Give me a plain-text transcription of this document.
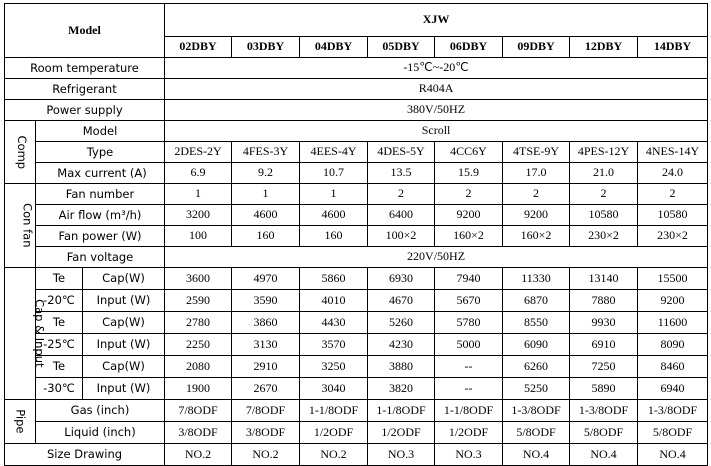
Model			XJW							
			02DBY	03DBY	04DBY	05DBY	06DBY	09DBY	12DBY	14DBY
Room temperature			-15℃~-20℃							
Refrigerant			R404A							
Power supply			380V/50HZ							
Comp	Model		Scroll							
	Type		2DES-2Y	4FES-3Y	4EES-4Y	4DES-5Y	4CC6Y	4TSE-9Y	4PES-12Y	4NES-14Y
	Max current (A)		6.9	9.2	10.7	13.5	15.9	17.0	21.0	24.0
Con fan	Fan number		1	1	1	2	2	2	2	2
	Air flow (m³/h)		3200	4600	4600	6400	9200	9200	10580	10580
	Fan power (W)		100	160	160	100×2	160×2	160×2	230×2	230×2
	Fan voltage		220V/50HZ							
Cap & Input	Te	Cap(W)	3600	4970	5860	6930	7940	11330	13140	15500
	-20℃	Input (W)	2590	3590	4010	4670	5670	6870	7880	9200
	Te	Cap(W)	2780	3860	4430	5260	5780	8550	9930	11600
	-25℃	Input (W)	2250	3130	3570	4230	5000	6090	6910	8090
	Te	Cap(W)	2080	2910	3250	3880	--	6260	7250	8460
	-30℃	Input (W)	1900	2670	3040	3820	--	5250	5890	6940
Pipe	Gas (inch)		7/8ODF	7/8ODF	1-1/8ODF	1-1/8ODF	1-1/8ODF	1-3/8ODF	1-3/8ODF	1-3/8ODF
	Liquid (inch)		3/8ODF	3/8ODF	1/2ODF	1/2ODF	1/2ODF	5/8ODF	5/8ODF	5/8ODF
Size Drawing			NO.2	NO.2	NO.2	NO.3	NO.3	NO.4	NO.4	NO.4
